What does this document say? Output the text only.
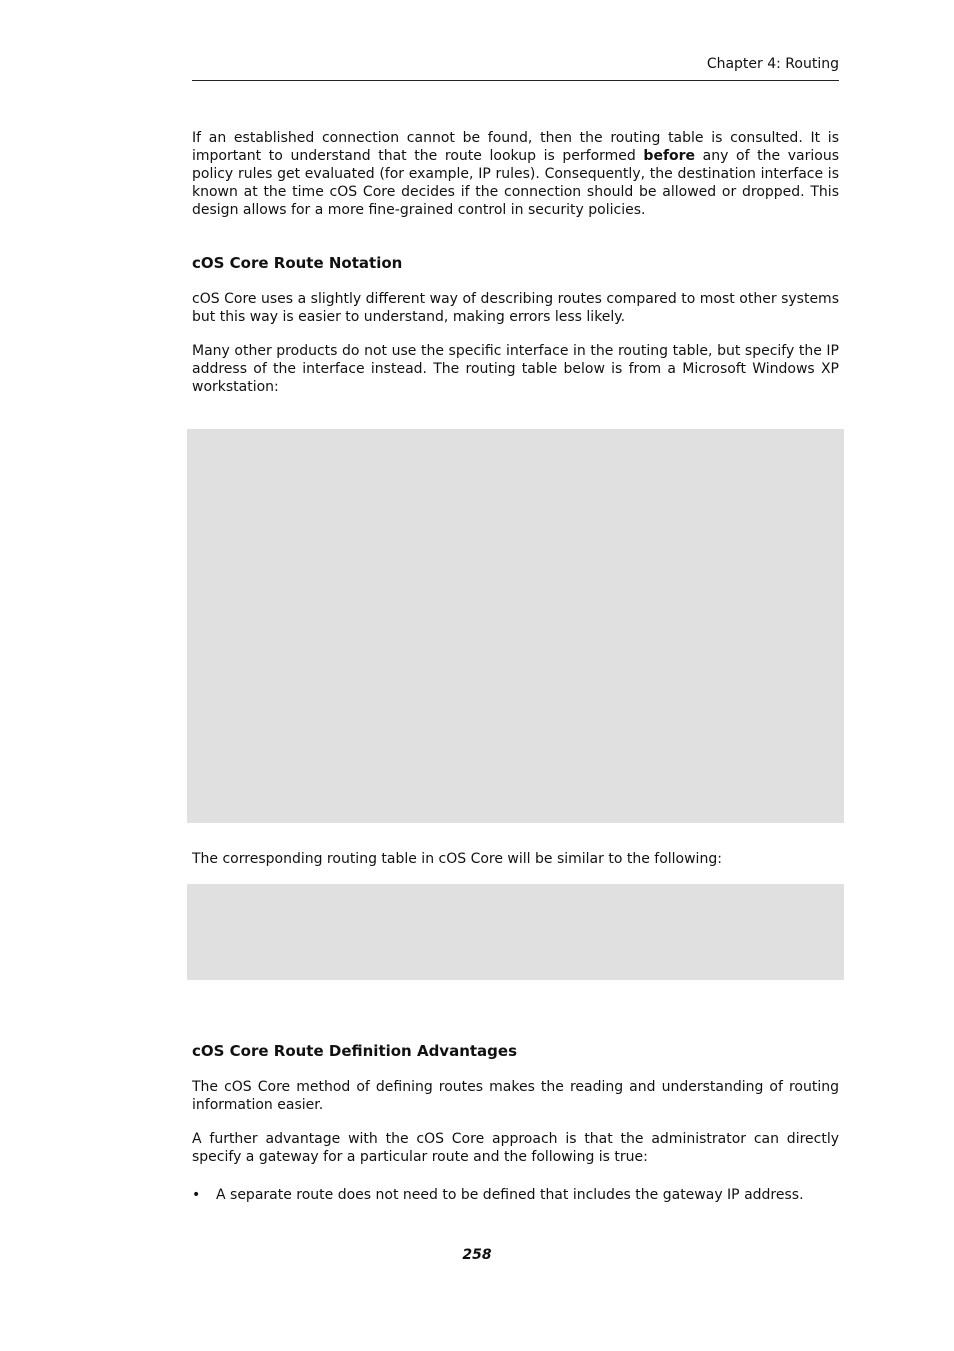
Chapter 4: Routing

If an established connection cannot be found, then the routing table is consulted. It is important to understand that the route lookup is performed before any of the various policy rules get evaluated (for example, IP rules). Consequently, the destination interface is known at the time cOS Core decides if the connection should be allowed or dropped. This design allows for a more fine-grained control in security policies.

cOS Core Route Notation

cOS Core uses a slightly different way of describing routes compared to most other systems but this way is easier to understand, making errors less likely.

Many other products do not use the specific interface in the routing table, but specify the IP address of the interface instead. The routing table below is from a Microsoft Windows XP workstation:

The corresponding routing table in cOS Core will be similar to the following:

cOS Core Route Definition Advantages

The cOS Core method of defining routes makes the reading and understanding of routing information easier.

A further advantage with the cOS Core approach is that the administrator can directly specify a gateway for a particular route and the following is true:

• A separate route does not need to be defined that includes the gateway IP address.
258
